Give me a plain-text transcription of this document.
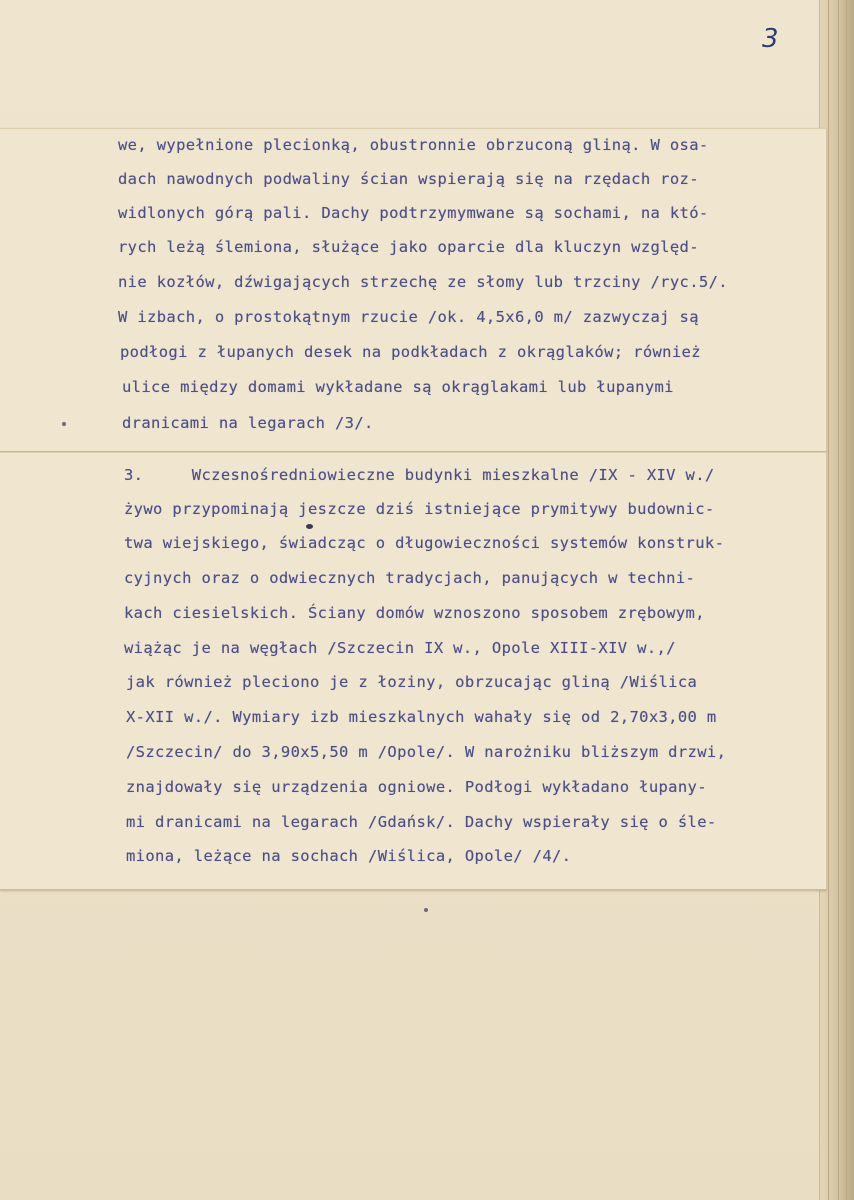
3
we, wypełnione plecionką, obustronnie obrzuconą gliną. W osa-
dach nawodnych podwaliny ścian wspierają się na rzędach roz-
widlonych górą pali. Dachy podtrzymymwane są sochami, na któ-
rych leżą ślemiona, służące jako oparcie dla kluczyn względ-
nie kozłów, dźwigających strzechę ze słomy lub trzciny /ryc.5/.
W izbach, o prostokątnym rzucie /ok. 4,5x6,0 m/ zazwyczaj są
podłogi z łupanych desek na podkładach z okrąglaków; również
ulice między domami wykładane są okrąglakami lub łupanymi
dranicami na legarach /3/.
3.     Wczesnośredniowieczne budynki mieszkalne /IX - XIV w./
żywo przypominają jeszcze dziś istniejące prymitywy budownic-
twa wiejskiego, świadcząc o długowieczności systemów konstruk-
cyjnych oraz o odwiecznych tradycjach, panujących w techni-
kach ciesielskich. Ściany domów wznoszono sposobem zrębowym,
wiążąc je na węgłach /Szczecin IX w., Opole XIII-XIV w.,/
jak również pleciono je z łoziny, obrzucając gliną /Wiślica
X-XII w./. Wymiary izb mieszkalnych wahały się od 2,70x3,00 m
/Szczecin/ do 3,90x5,50 m /Opole/. W narożniku bliższym drzwi,
znajdowały się urządzenia ogniowe. Podłogi wykładano łupany-
mi dranicami na legarach /Gdańsk/. Dachy wspierały się o śle-
miona, leżące na sochach /Wiślica, Opole/ /4/.
